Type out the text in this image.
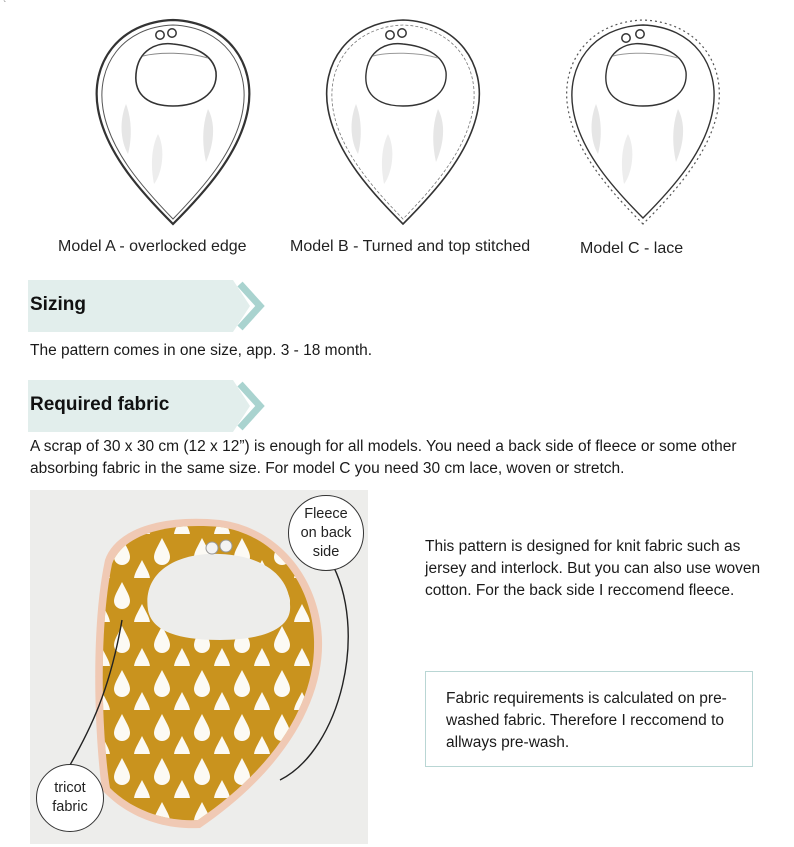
`
Model A - overlocked edge	Model B - Turned and top stitched	Model C - lace
Sizing
The pattern comes in one size, app. 3 - 18 month.
Required fabric
A scrap of 30 x 30 cm (12 x 12”) is enough for all models. You need a back side of fleece or some other absorbing fabric in the same size. For model C you need 30 cm lace, woven or stretch.
Fleece
on back
side
tricot
fabric
This pattern is designed for knit fabric such as jersey and interlock. But you can also use woven cotton. For the back side I reccomend fleece.
Fabric requirements is calculated on pre-washed fabric. Therefore I reccomend to allways pre-wash.
